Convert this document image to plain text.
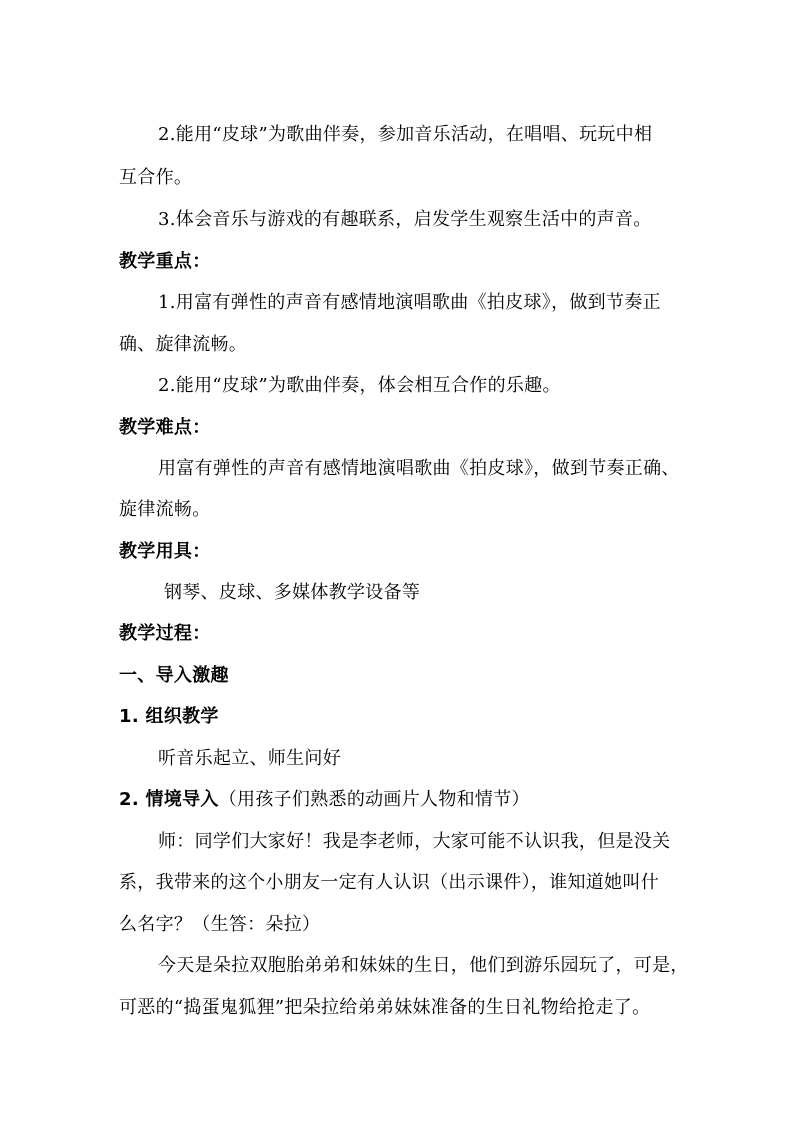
2.能用“皮球”为歌曲伴奏，参加音乐活动，在唱唱、玩玩中相
互合作。
3.体会音乐与游戏的有趣联系，启发学生观察生活中的声音。
教学重点：
1.用富有弹性的声音有感情地演唱歌曲《拍皮球》，做到节奏正
确、旋律流畅。
2.能用“皮球”为歌曲伴奏，体会相互合作的乐趣。
教学难点：
用富有弹性的声音有感情地演唱歌曲《拍皮球》，做到节奏正确、
旋律流畅。
教学用具：
钢琴、皮球、多媒体教学设备等
教学过程：
一、导入激趣
1. 组织教学
听音乐起立、师生问好
2. 情境导入（用孩子们熟悉的动画片人物和情节）
师：同学们大家好！我是李老师，大家可能不认识我，但是没关
系，我带来的这个小朋友一定有人认识（出示课件），谁知道她叫什
么名字？（生答：朵拉）
今天是朵拉双胞胎弟弟和妹妹的生日，他们到游乐园玩了，可是，
可恶的“捣蛋鬼狐狸”把朵拉给弟弟妹妹准备的生日礼物给抢走了。
